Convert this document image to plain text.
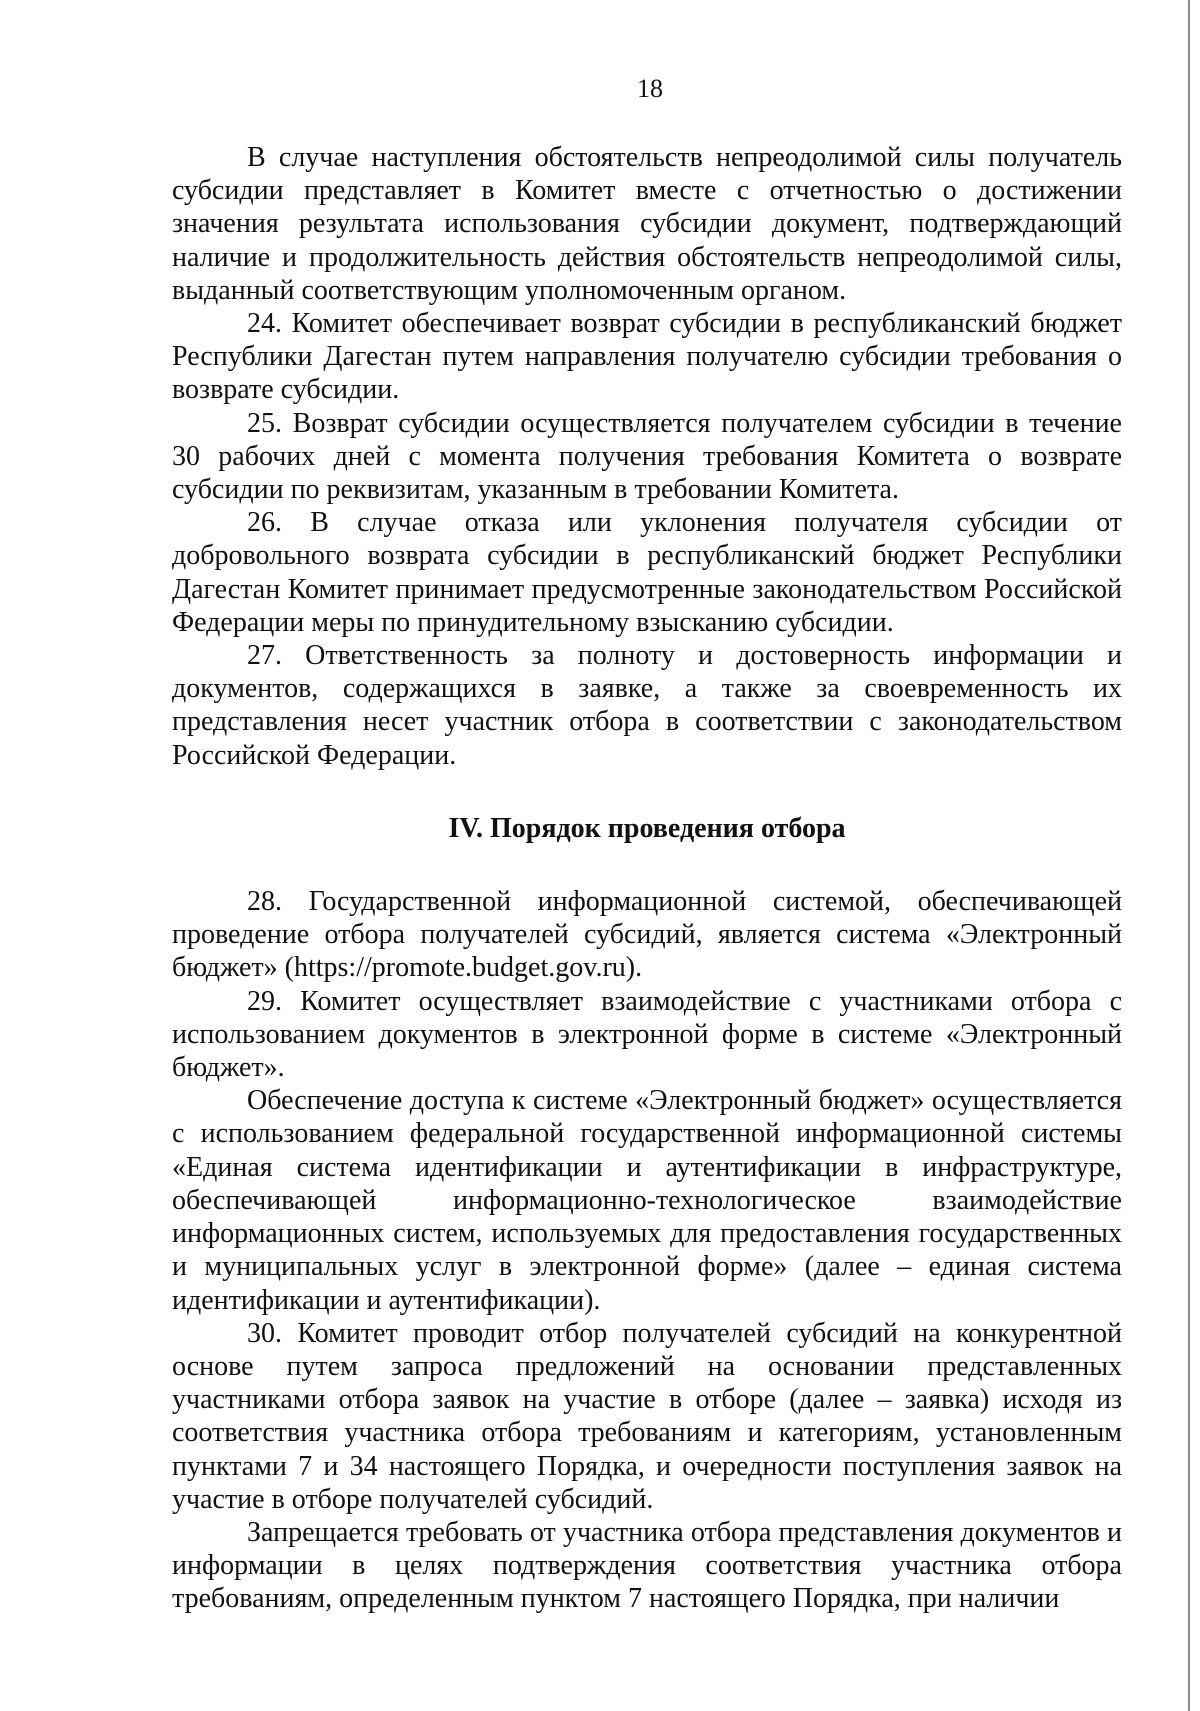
18

В случае наступления обстоятельств непреодолимой силы получатель субсидии представляет в Комитет вместе с отчетностью о достижении значения результата использования субсидии документ, подтверждающий наличие и продолжительность действия обстоятельств непреодолимой силы, выданный соответствующим уполномоченным органом.

24. Комитет обеспечивает возврат субсидии в республиканский бюджет Республики Дагестан путем направления получателю субсидии требования о возврате субсидии.

25. Возврат субсидии осуществляется получателем субсидии в течение 30 рабочих дней с момента получения требования Комитета о возврате субсидии по реквизитам, указанным в требовании Комитета.

26. В случае отказа или уклонения получателя субсидии от добровольного возврата субсидии в республиканский бюджет Республики Дагестан Комитет принимает предусмотренные законодательством Российской Федерации меры по принудительному взысканию субсидии.

27. Ответственность за полноту и достоверность информации и документов, содержащихся в заявке, а также за своевременность их представления несет участник отбора в соответствии с законодательством Российской Федерации.

IV. Порядок проведения отбора

28. Государственной информационной системой, обеспечивающей проведение отбора получателей субсидий, является система «Электронный бюджет» (https://promote.budget.gov.ru).

29. Комитет осуществляет взаимодействие с участниками отбора с использованием документов в электронной форме в системе «Электронный бюджет».

Обеспечение доступа к системе «Электронный бюджет» осуществляется с использованием федеральной государственной информационной системы «Единая система идентификации и аутентификации в инфраструктуре, обеспечивающей информационно-технологическое взаимодействие информационных систем, используемых для предоставления государственных и муниципальных услуг в электронной форме» (далее – единая система идентификации и аутентификации).

30. Комитет проводит отбор получателей субсидий на конкурентной основе путем запроса предложений на основании представленных участниками отбора заявок на участие в отборе (далее – заявка) исходя из соответствия участника отбора требованиям и категориям, установленным пунктами 7 и 34 настоящего Порядка, и очередности поступления заявок на участие в отборе получателей субсидий.

Запрещается требовать от участника отбора представления документов и информации в целях подтверждения соответствия участника отбора требованиям, определенным пунктом 7 настоящего Порядка, при наличии
